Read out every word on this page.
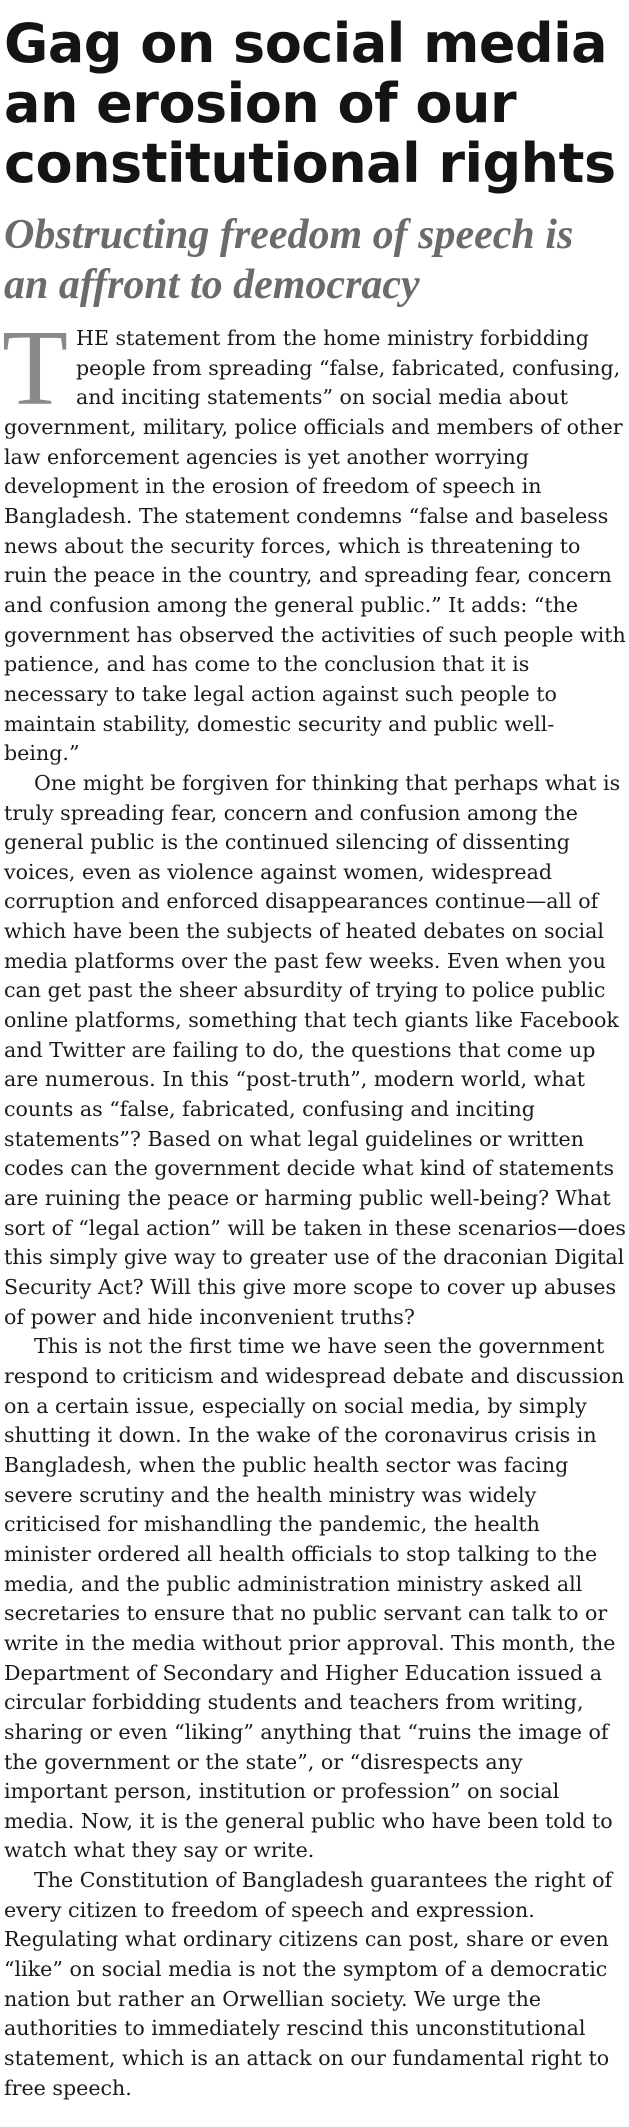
Gag on social media an erosion of our constitutional rights
Obstructing freedom of speech is an affront to democracy

THE statement from the home ministry forbidding people from spreading “false, fabricated, confusing, and inciting statements” on social media about government, military, police officials and members of other law enforcement agencies is yet another worrying development in the erosion of freedom of speech in Bangladesh. The statement condemns “false and baseless news about the security forces, which is threatening to ruin the peace in the country, and spreading fear, concern and confusion among the general public.” It adds: “the government has observed the activities of such people with patience, and has come to the conclusion that it is necessary to take legal action against such people to maintain stability, domestic security and public well-being.”

One might be forgiven for thinking that perhaps what is truly spreading fear, concern and confusion among the general public is the continued silencing of dissenting voices, even as violence against women, widespread corruption and enforced disappearances continue—all of which have been the subjects of heated debates on social media platforms over the past few weeks. Even when you can get past the sheer absurdity of trying to police public online platforms, something that tech giants like Facebook and Twitter are failing to do, the questions that come up are numerous. In this “post-truth”, modern world, what counts as “false, fabricated, confusing and inciting statements”? Based on what legal guidelines or written codes can the government decide what kind of statements are ruining the peace or harming public well-being? What sort of “legal action” will be taken in these scenarios—does this simply give way to greater use of the draconian Digital Security Act? Will this give more scope to cover up abuses of power and hide inconvenient truths?

This is not the first time we have seen the government respond to criticism and widespread debate and discussion on a certain issue, especially on social media, by simply shutting it down. In the wake of the coronavirus crisis in Bangladesh, when the public health sector was facing severe scrutiny and the health ministry was widely criticised for mishandling the pandemic, the health minister ordered all health officials to stop talking to the media, and the public administration ministry asked all secretaries to ensure that no public servant can talk to or write in the media without prior approval. This month, the Department of Secondary and Higher Education issued a circular forbidding students and teachers from writing, sharing or even “liking” anything that “ruins the image of the government or the state”, or “disrespects any important person, institution or profession” on social media. Now, it is the general public who have been told to watch what they say or write.

The Constitution of Bangladesh guarantees the right of every citizen to freedom of speech and expression. Regulating what ordinary citizens can post, share or even “like” on social media is not the symptom of a democratic nation but rather an Orwellian society. We urge the authorities to immediately rescind this unconstitutional statement, which is an attack on our fundamental right to free speech.
